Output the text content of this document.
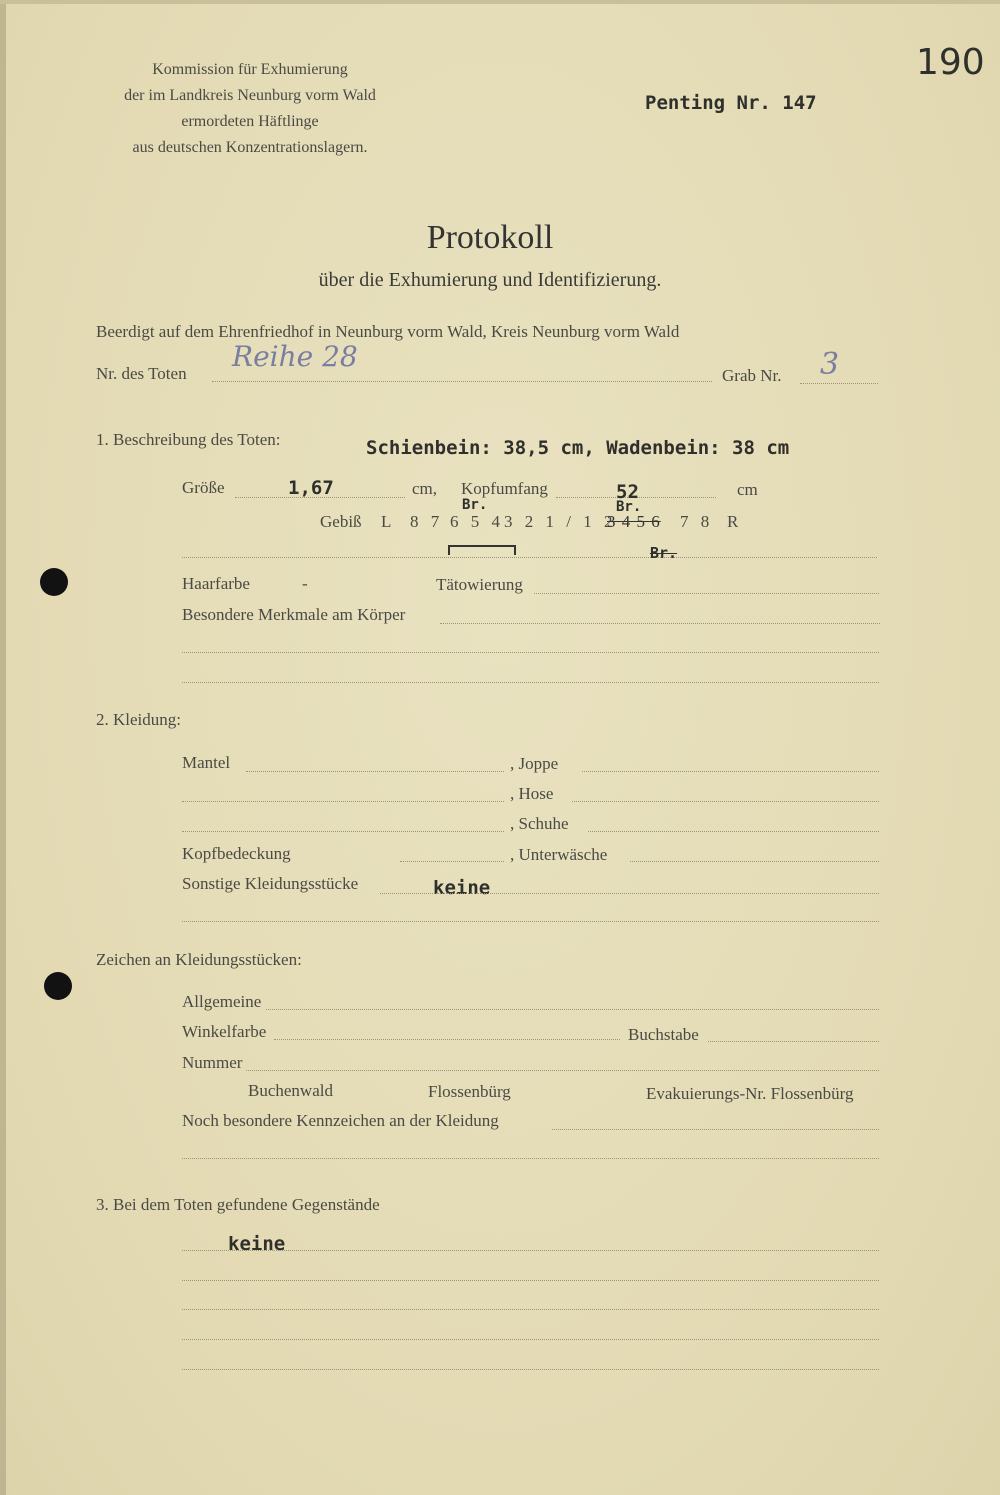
190
Kommission für Exhumierung
der im Landkreis Neunburg vorm Wald
ermordeten Häftlinge
aus deutschen Konzentrationslagern.
Penting Nr. 147
Protokoll
über die Exhumierung und Identifizierung.
Beerdigt auf dem Ehrenfriedhof in Neunburg vorm Wald, Kreis Neunburg vorm Wald
Nr. des Toten
Reihe 28
Grab Nr. 3
1. Beschreibung des Toten:	Schienbein: 38,5 cm, Wadenbein: 38 cm
Größe	1,67	cm, Kopfumfang	52	cm
Gebiß L 8 7 6 5 4
Br.
3 2 1 / 1 2
3 4 5 6
Br.
7 8 R
Br.
Haarfarbe	-	Tätowierung
Besondere Merkmale am Körper
2. Kleidung:
Mantel	, Joppe
, Hose
, Schuhe
Kopfbedeckung	, Unterwäsche
Sonstige Kleidungsstücke	keine
Zeichen an Kleidungsstücken:
Allgemeine
Winkelfarbe	Buchstabe
Nummer
Buchenwald	Flossenbürg	Evakuierungs-Nr. Flossenbürg
Noch besondere Kennzeichen an der Kleidung
3. Bei dem Toten gefundene Gegenstände
keine
